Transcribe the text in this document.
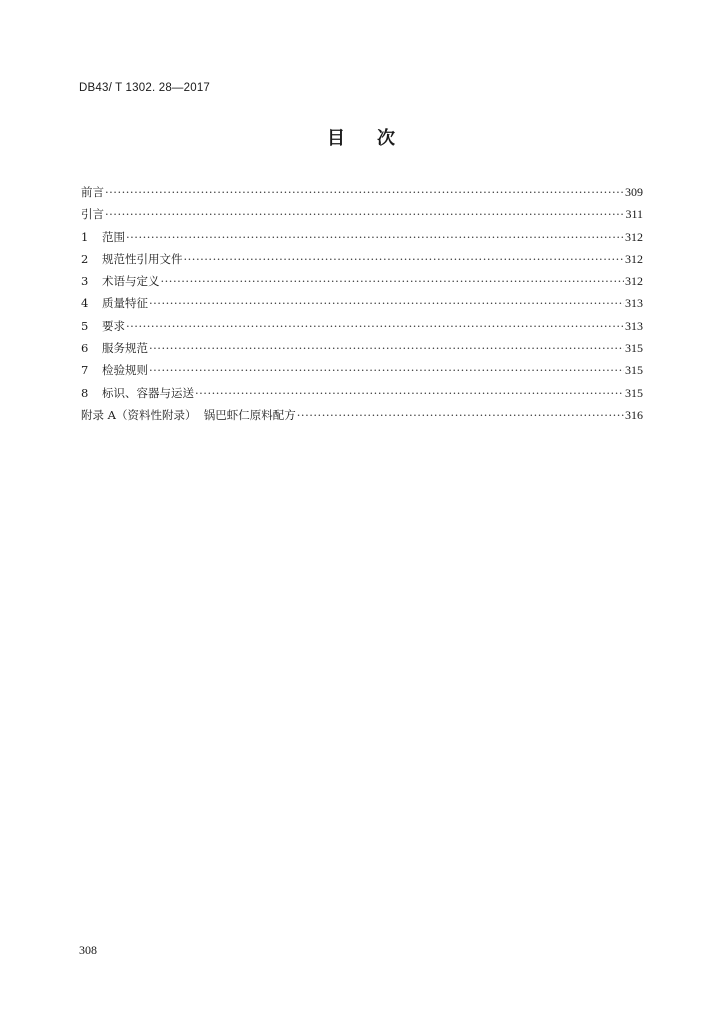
DB43/ T 1302. 28—2017
目 次
前言 ·····	309
引言 ·····	311
1	范围 ·····	312
2	规范性引用文件 ·····	312
3	术语与定义 ·····	312
4	质量特征 ·····	313
5	要求 ·····	313
6	服务规范 ·····	315
7	检验规则 ·····	315
8	标识、容器与运送 ·····	315
附录 A（资料性附录）  锅巴虾仁原料配方 ·····	316
308
